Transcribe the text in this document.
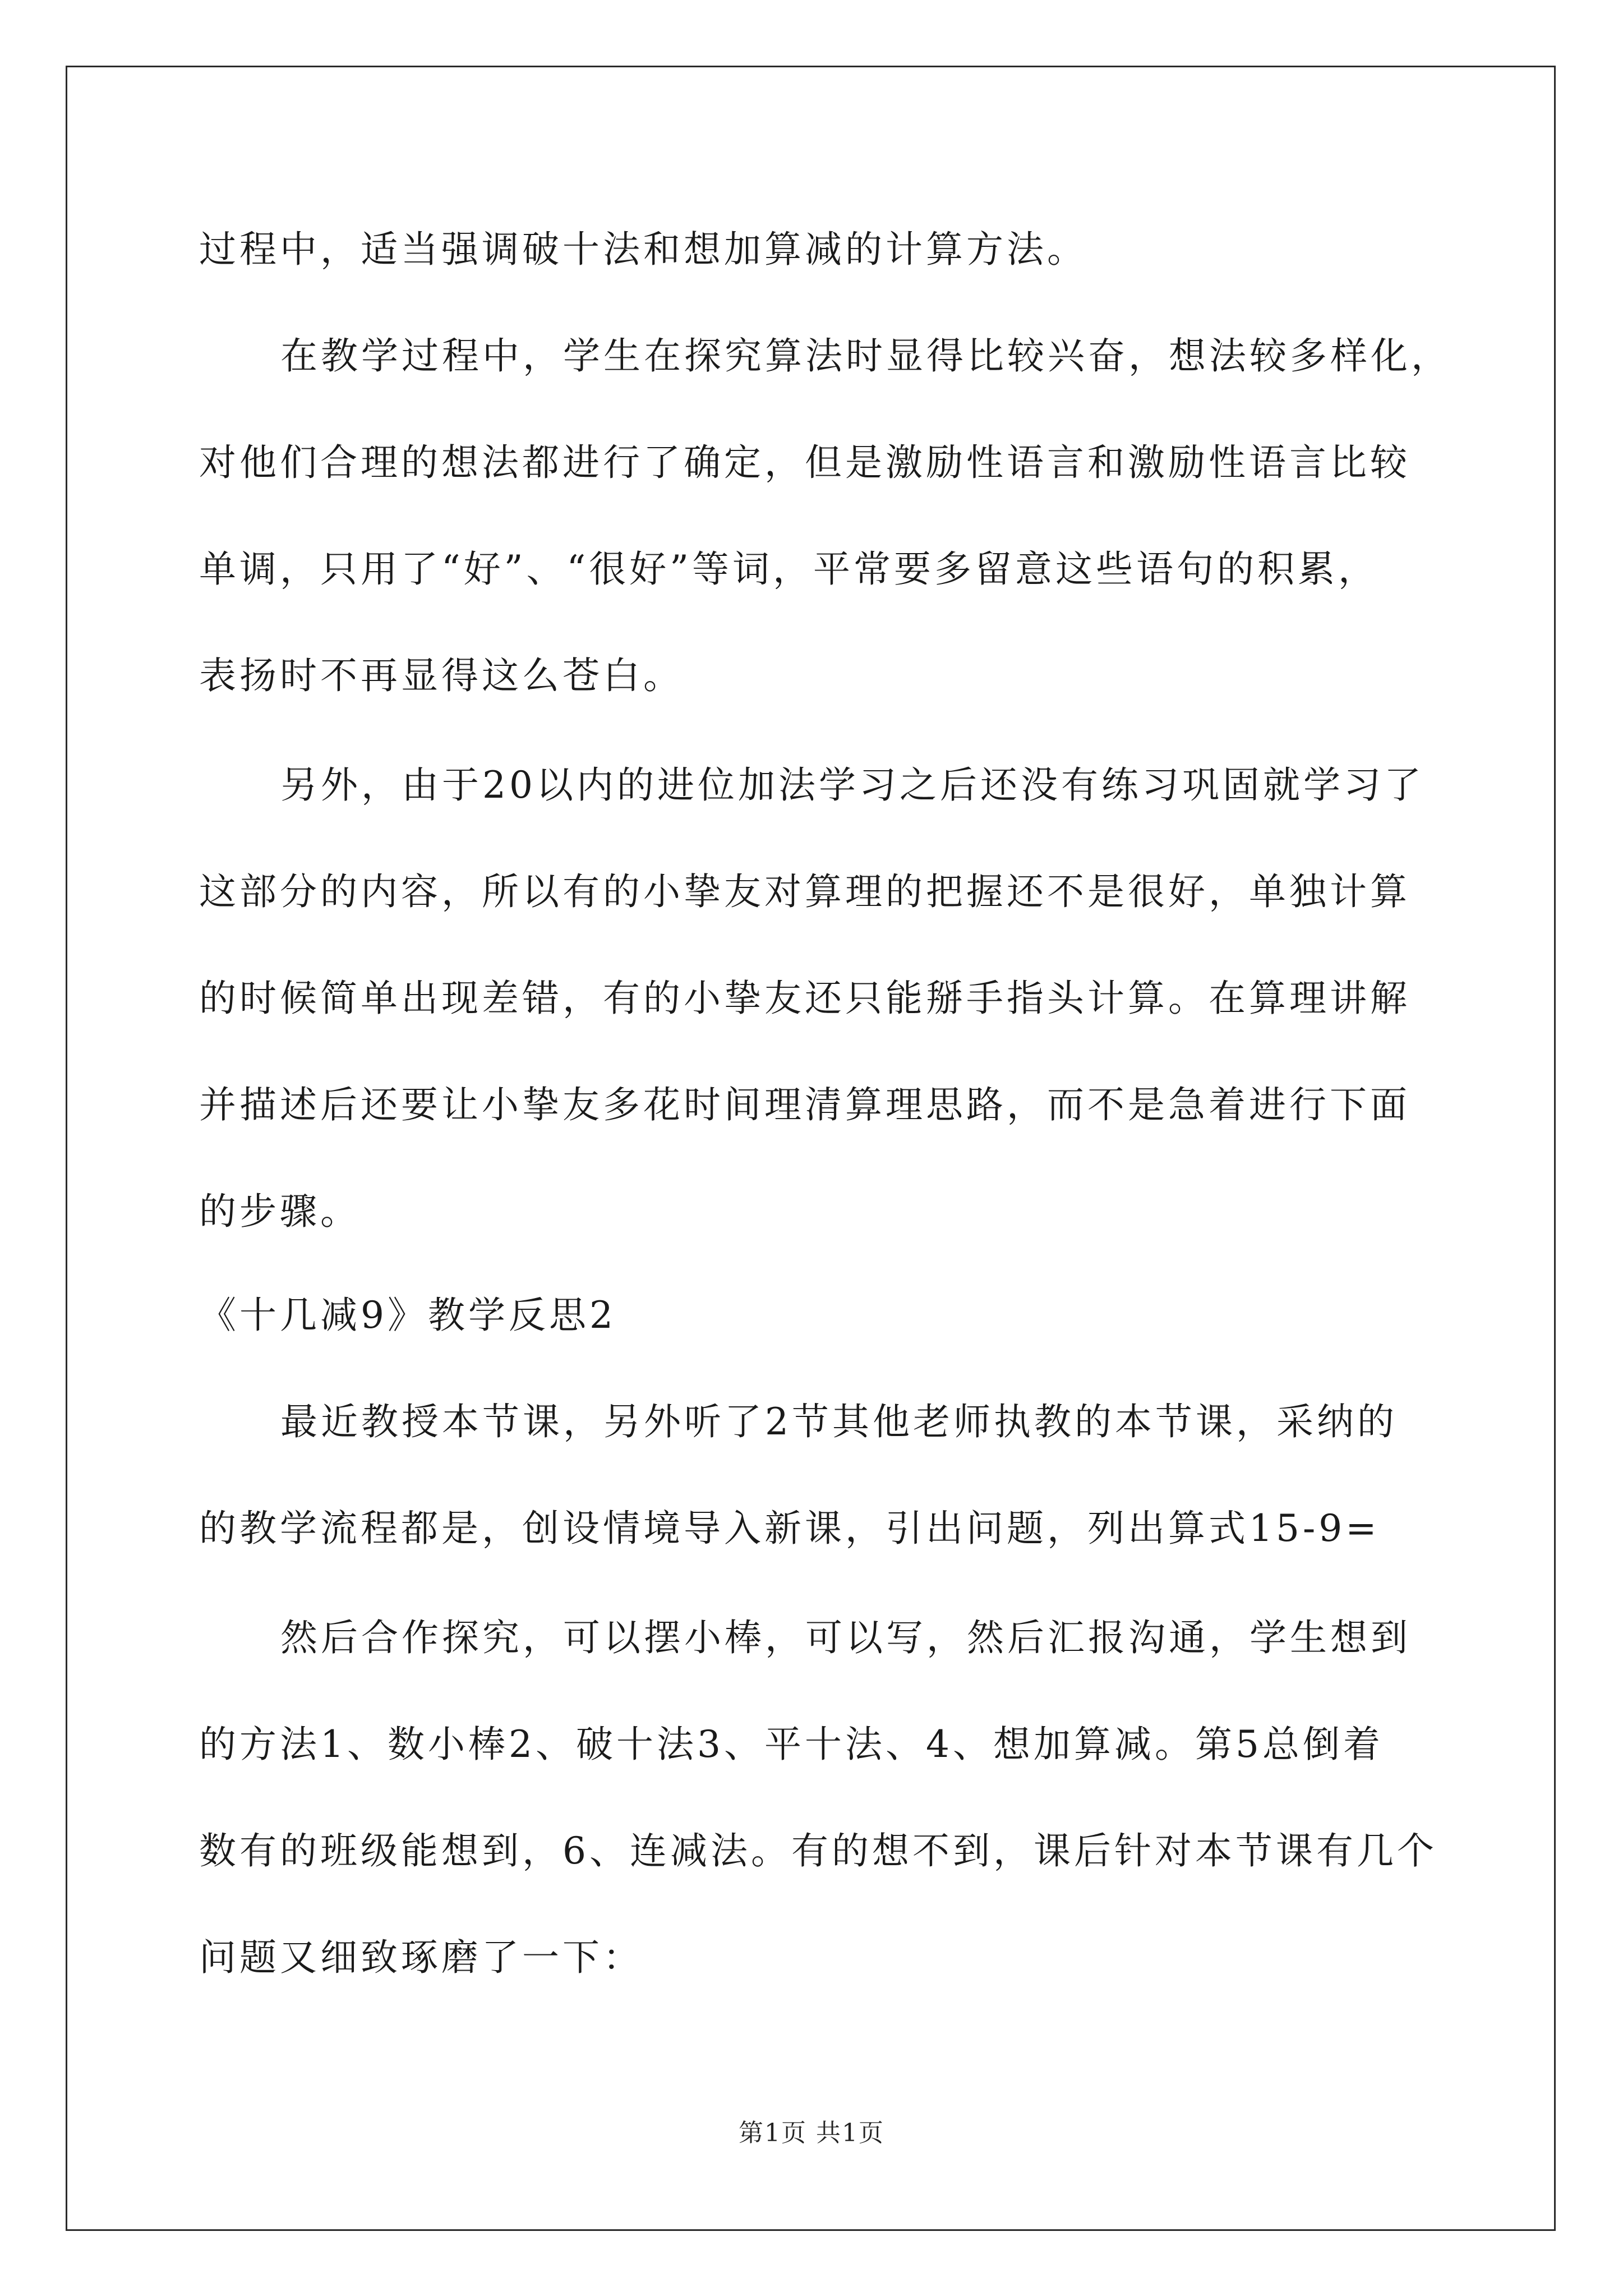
过程中，适当强调破十法和想加算减的计算方法。
在教学过程中，学生在探究算法时显得比较兴奋，想法较多样化，
对他们合理的想法都进行了确定，但是激励性语言和激励性语言比较
单调，只用了“好”、“很好”等词，平常要多留意这些语句的积累，
表扬时不再显得这么苍白。
另外，由于20以内的进位加法学习之后还没有练习巩固就学习了
这部分的内容，所以有的小挚友对算理的把握还不是很好，单独计算
的时候简单出现差错，有的小挚友还只能掰手指头计算。在算理讲解
并描述后还要让小挚友多花时间理清算理思路，而不是急着进行下面
的步骤。
《十几减9》教学反思2
最近教授本节课，另外听了2节其他老师执教的本节课，采纳的
的教学流程都是，创设情境导入新课，引出问题，列出算式15-9=
然后合作探究，可以摆小棒，可以写，然后汇报沟通，学生想到
的方法1、数小棒2、破十法3、平十法、4、想加算减。第5总倒着
数有的班级能想到，6、连减法。有的想不到，课后针对本节课有几个
问题又细致琢磨了一下：
第1页 共1页
